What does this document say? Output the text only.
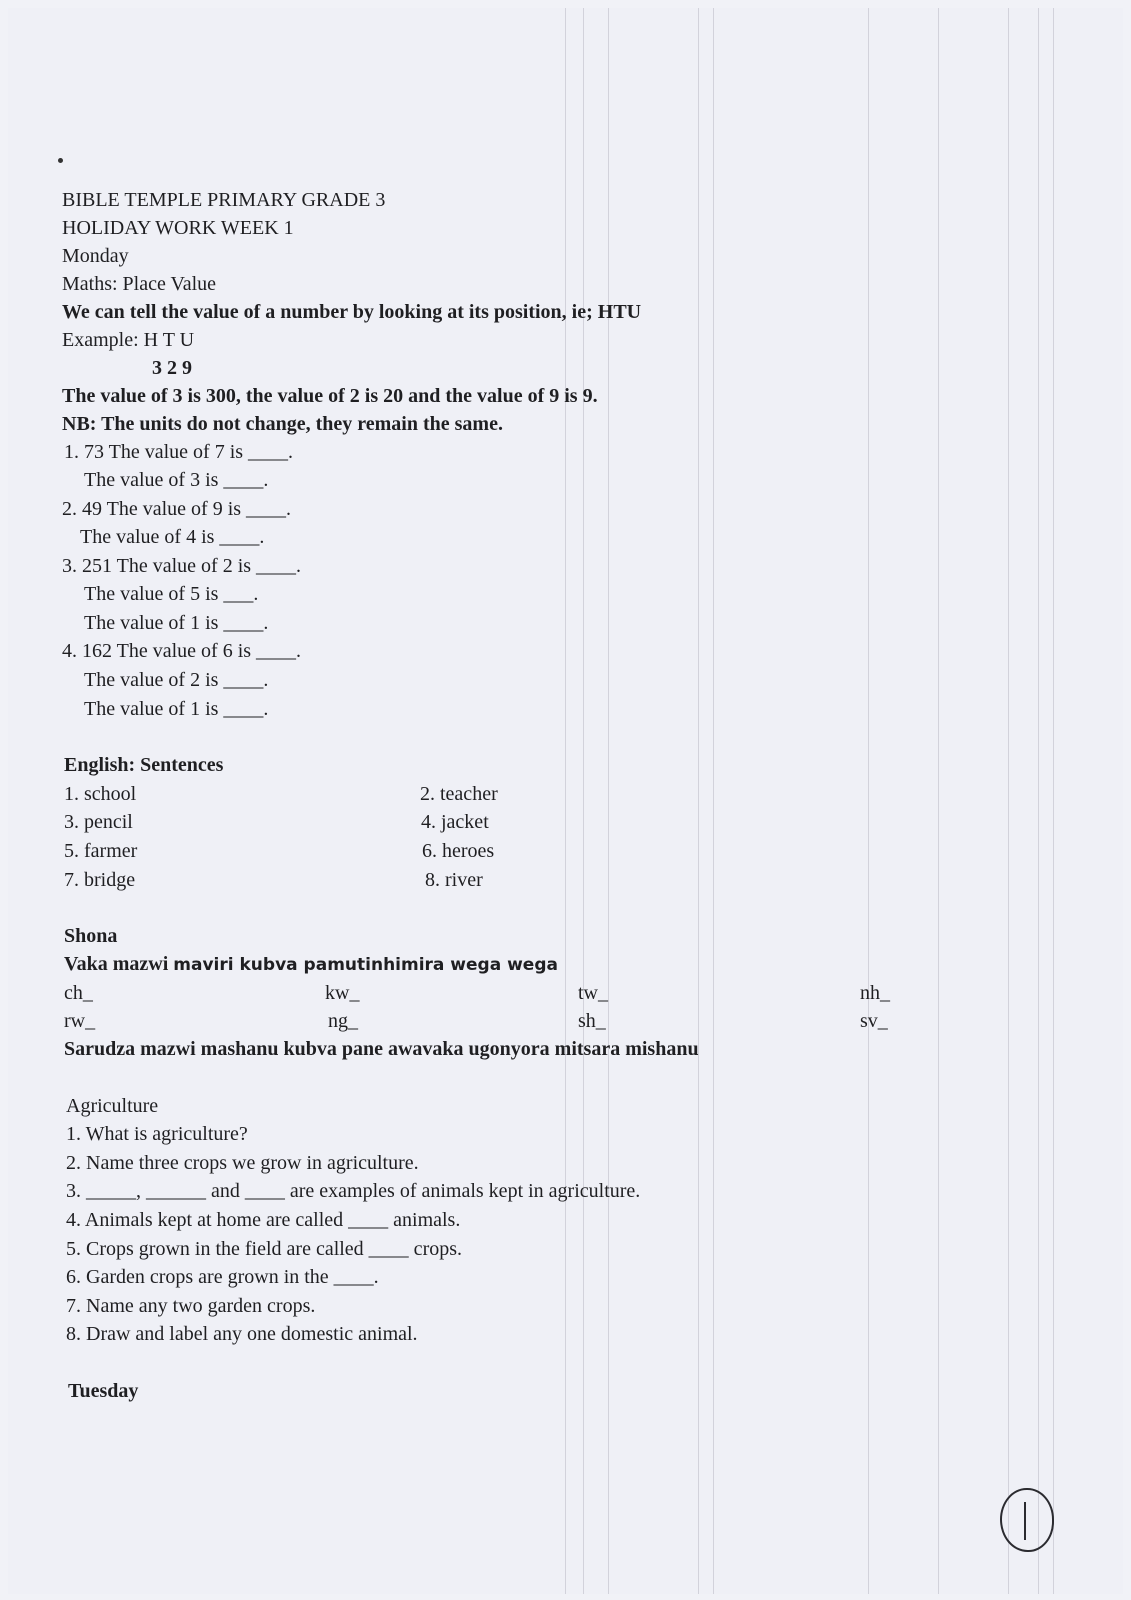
BIBLE TEMPLE PRIMARY GRADE 3
HOLIDAY WORK WEEK 1
Monday
Maths: Place Value
We can tell the value of a number by looking at its position, ie; HTU
Example: H T U
3 2 9
The value of 3 is 300, the value of 2 is 20 and the value of 9 is 9.
NB: The units do not change, they remain the same.
1. 73 The value of 7 is ____.
The value of 3 is ____.
2. 49 The value of 9 is ____.
The value of 4 is ____.
3. 251 The value of 2 is ____.
The value of 5 is ___.
The value of 1 is ____.
4. 162 The value of 6 is ____.
The value of 2 is ____.
The value of 1 is ____.
English: Sentences
1. school	2. teacher
3. pencil	4. jacket
5. farmer	6. heroes
7. bridge	8. river
Shona
Vaka mazwi maviri kubva pamutinhimira wega wega
ch_	kw_	tw_	nh_
rw_	ng_	sh_	sv_
Sarudza mazwi mashanu kubva pane awavaka ugonyora mitsara mishanu
Agriculture
1. What is agriculture?
2. Name three crops we grow in agriculture.
3. _____, ______ and ____ are examples of animals kept in agriculture.
4. Animals kept at home are called ____ animals.
5. Crops grown in the field are called ____ crops.
6. Garden crops are grown in the ____.
7. Name any two garden crops.
8. Draw and label any one domestic animal.
Tuesday
